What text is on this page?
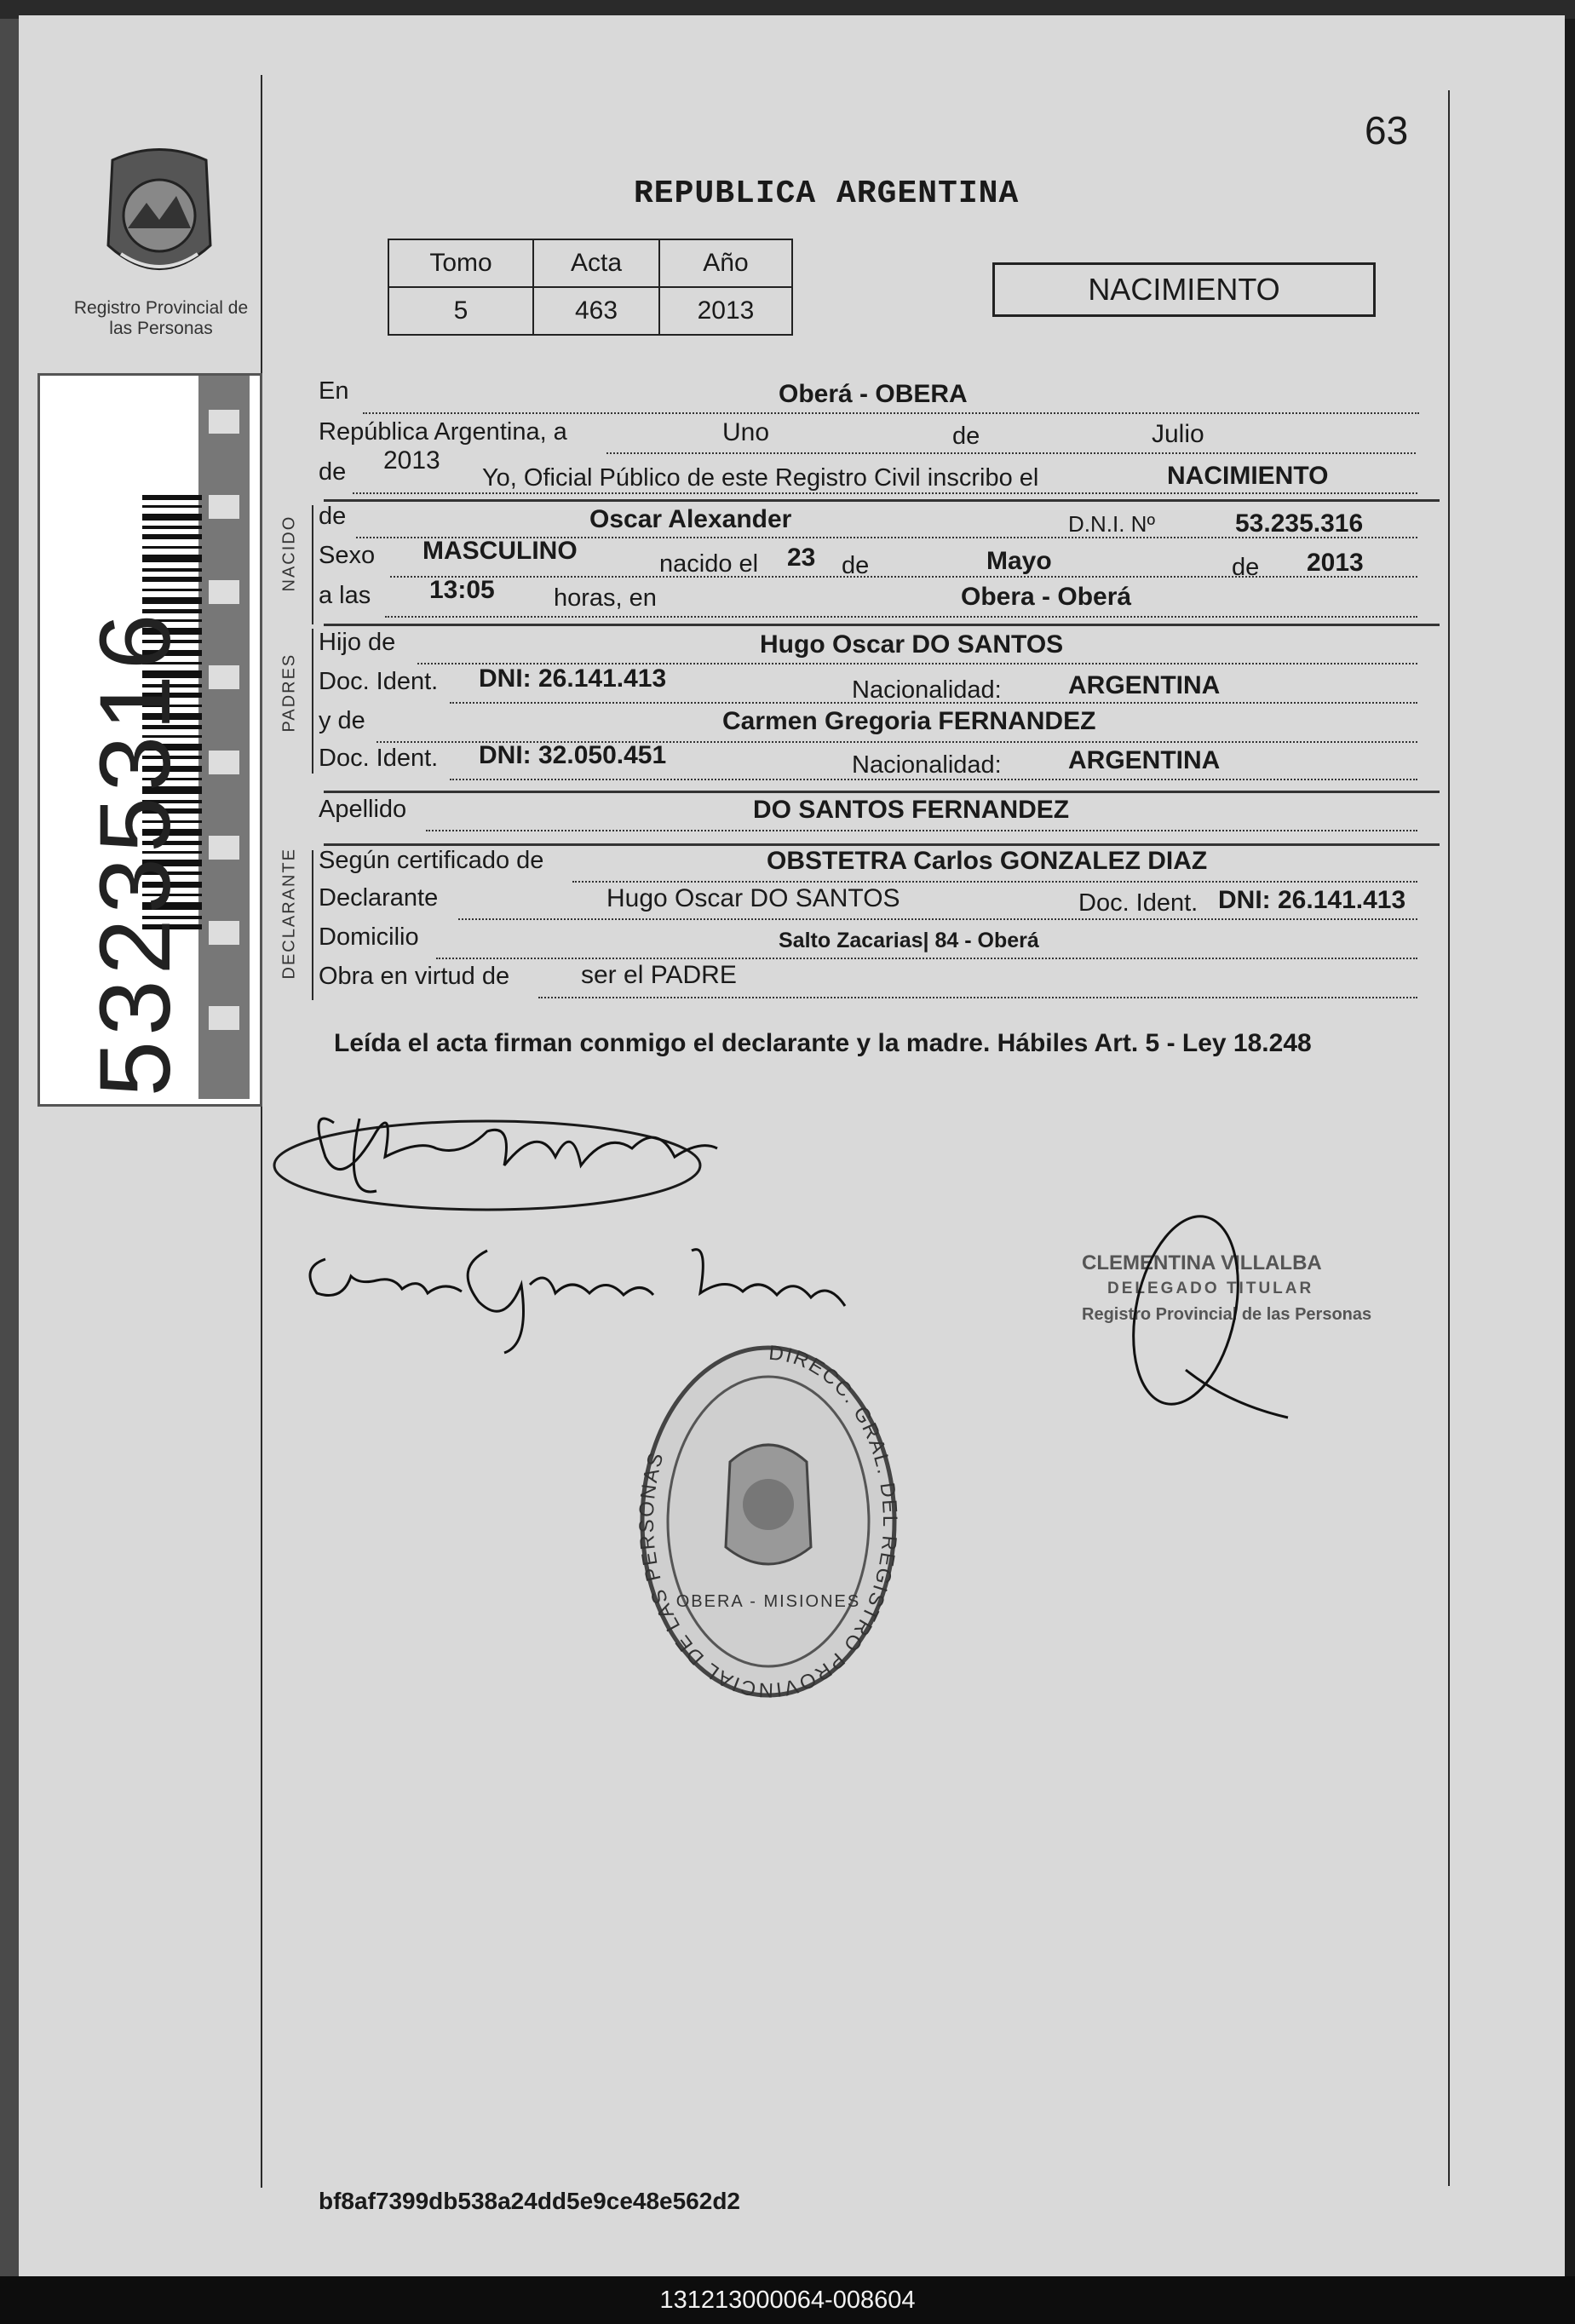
63
REPUBLICA ARGENTINA
Registro Provincial de las Personas
53235316
Tomo	Acta	Año
5	463	2013
NACIMIENTO
En	Oberá - OBERA
República Argentina, a	Uno	de	Julio
de 2013
Yo, Oficial Público de este Registro Civil inscribo el	NACIMIENTO
NACIDO de	Oscar Alexander	D.N.I. Nº	53.235.316
Sexo MASCULINO	nacido el 23 de	Mayo	de 2013
a las 13:05 horas, en	Obera - Oberá
PADRES
Hijo de	Hugo Oscar DO SANTOS
Doc. Ident. DNI: 26.141.413	Nacionalidad:	ARGENTINA
y de	Carmen Gregoria FERNANDEZ
Doc. Ident. DNI: 32.050.451	Nacionalidad:	ARGENTINA
Apellido	DO SANTOS FERNANDEZ
DECLARANTE Según certificado de	OBSTETRA Carlos GONZALEZ DIAZ
Declarante	Hugo Oscar DO SANTOS	Doc. Ident. DNI: 26.141.413
Domicilio	Salto Zacarias| 84 - Oberá
Obra en virtud de	ser el PADRE
Leída el acta firman conmigo el declarante y la madre. Hábiles Art. 5 - Ley 18.248
CLEMENTINA VILLALBA
DELEGADO TITULAR
Registro Provincial de las Personas
DIRECC. GRAL. DEL REGISTRO PROVINCIAL DE LAS PERSONAS
OBERA - MISIONES
bf8af7399db538a24dd5e9ce48e562d2
131213000064-008604
